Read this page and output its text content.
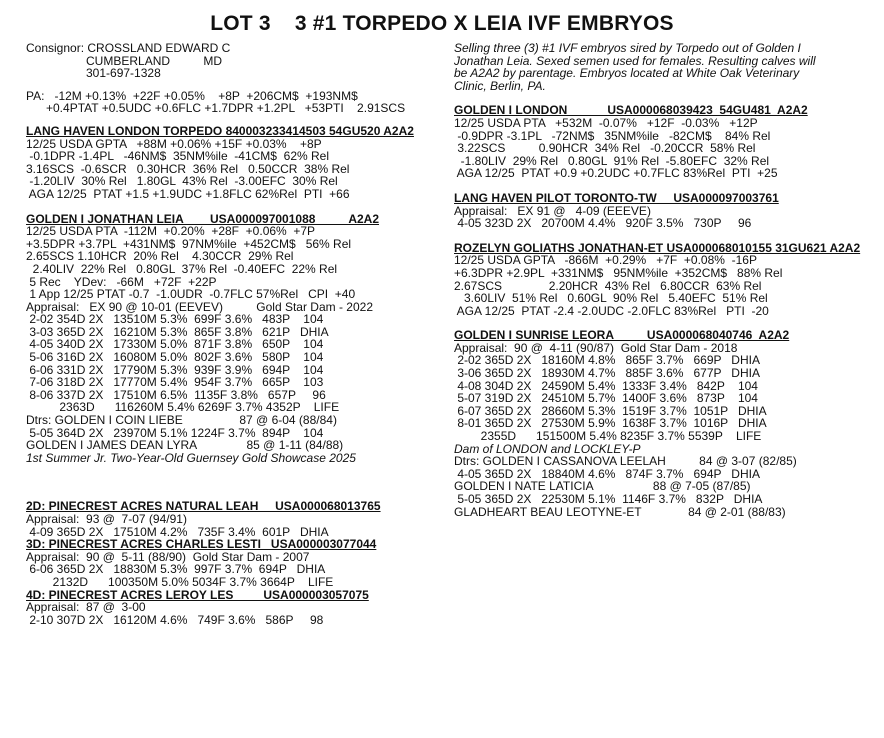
LOT 3    3 #1 TORPEDO X LEIA IVF EMBRYOS
Consignor: CROSSLAND EDWARD C
CUMBERLAND          MD
301-697-1328
PA:   -12M +0.13%  +22F +0.05%    +8P  +206CM$  +193NM$
+0.4PTAT +0.5UDC +0.6FLC +1.7DPR +1.2PL   +53PTI    2.91SCS
LANG HAVEN LONDON TORPEDO 840003233414503 54GU520 A2A2
12/25 USDA GPTA   +88M +0.06% +15F +0.03%    +8P
-0.1DPR -1.4PL   -46NM$  35NM%ile  -41CM$  62% Rel
3.16SCS  -0.6SCR   0.30HCR  36% Rel   0.50CCR  38% Rel
-1.20LIV  30% Rel   1.80GL  43% Rel  -3.00EFC  30% Rel
AGA 12/25  PTAT +1.5 +1.9UDC +1.8FLC 62%Rel  PTI  +66
GOLDEN I JONATHAN LEIA        USA000097001088          A2A2
12/25 USDA PTA  -112M  +0.20%  +28F  +0.06%  +7P
+3.5DPR +3.7PL  +431NM$  97NM%ile  +452CM$   56% Rel
2.65SCS 1.10HCR  20% Rel    4.30CCR  29% Rel
2.40LIV  22% Rel   0.80GL  37% Rel  -0.40EFC  22% Rel
5 Rec    YDev:   -66M   +72F  +22P
1 App 12/25 PTAT -0.7  -1.0UDR  -0.7FLC 57%Rel   CPI  +40
Appraisal:   EX 90 @ 10-01 (EEVEV)          Gold Star Dam - 2022
2-02 354D 2X   13510M 5.3%  699F 3.6%   483P    104
3-03 365D 2X   16210M 5.3%  865F 3.8%   621P   DHIA
4-05 340D 2X   17330M 5.0%  871F 3.8%   650P    104
5-06 316D 2X   16080M 5.0%  802F 3.6%   580P    104
6-06 331D 2X   17790M 5.3%  939F 3.9%   694P    104
7-06 318D 2X   17770M 5.4%  954F 3.7%   665P    103
8-06 337D 2X   17510M 6.5%  1135F 3.8%   657P     96
2363D      116260M 5.4% 6269F 3.7% 4352P    LIFE
Dtrs: GOLDEN I COIN LIEBE                 87 @ 6-04 (88/84)
5-05 364D 2X   23970M 5.1% 1224F 3.7%  894P    104
GOLDEN I JAMES DEAN LYRA               85 @ 1-11 (84/88)
1st Summer Jr. Two-Year-Old Guernsey Gold Showcase 2025
2D: PINECREST ACRES NATURAL LEAH     USA000068013765
Appraisal:  93 @  7-07 (94/91)
4-09 365D 2X   17510M 4.2%   735F 3.4%  601P   DHIA
3D: PINECREST ACRES CHARLES LESTI   USA000003077044
Appraisal:  90 @  5-11 (88/90)  Gold Star Dam - 2007
6-06 365D 2X   18830M 5.3%  997F 3.7%  694P   DHIA
2132D      100350M 5.0% 5034F 3.7% 3664P    LIFE
4D: PINECREST ACRES LEROY LES         USA000003057075
Appraisal:  87 @  3-00
2-10 307D 2X   16120M 4.6%   749F 3.6%   586P     98
Selling three (3) #1 IVF embryos sired by Torpedo out of Golden I
Jonathan Leia. Sexed semen used for females. Resulting calves will
be A2A2 by parentage. Embryos located at White Oak Veterinary
Clinic, Berlin, PA.
GOLDEN I LONDON            USA000068039423  54GU481  A2A2
12/25 USDA PTA   +532M  -0.07%   +12F  -0.03%   +12P
-0.9DPR -3.1PL   -72NM$   35NM%ile   -82CM$    84% Rel
3.22SCS          0.90HCR  34% Rel   -0.20CCR  58% Rel
-1.80LIV  29% Rel   0.80GL  91% Rel  -5.80EFC  32% Rel
AGA 12/25  PTAT +0.9 +0.2UDC +0.7FLC 83%Rel  PTI  +25
LANG HAVEN PILOT TORONTO-TW     USA000097003761
Appraisal:   EX 91 @   4-09 (EEEVE)
4-05 323D 2X   20700M 4.4%   920F 3.5%   730P     96
ROZELYN GOLIATHS JONATHAN-ET USA000068010155 31GU621 A2A2
12/25 USDA GPTA   -866M  +0.29%   +7F  +0.08%  -16P
+6.3DPR +2.9PL  +331NM$   95NM%ile  +352CM$   88% Rel
2.67SCS              2.20HCR  43% Rel   6.80CCR  63% Rel
3.60LIV  51% Rel   0.60GL  90% Rel   5.40EFC  51% Rel
AGA 12/25  PTAT -2.4 -2.0UDC -2.0FLC 83%Rel   PTI  -20
GOLDEN I SUNRISE LEORA          USA000068040746  A2A2
Appraisal:  90 @  4-11 (90/87)  Gold Star Dam - 2018
2-02 365D 2X   18160M 4.8%   865F 3.7%   669P   DHIA
3-06 365D 2X   18930M 4.7%   885F 3.6%   677P   DHIA
4-08 304D 2X   24590M 5.4%  1333F 3.4%   842P    104
5-07 319D 2X   24510M 5.7%  1400F 3.6%   873P    104
6-07 365D 2X   28660M 5.3%  1519F 3.7%  1051P   DHIA
8-01 365D 2X   27530M 5.9%  1638F 3.7%  1016P   DHIA
2355D      151500M 5.4% 8235F 3.7% 5539P    LIFE
Dam of LONDON and LOCKLEY-P
Dtrs: GOLDEN I CASSANOVA LEELAH          84 @ 3-07 (82/85)
4-05 365D 2X   18840M 4.6%   874F 3.7%   694P   DHIA
GOLDEN I NATE LATICIA                  88 @ 7-05 (87/85)
5-05 365D 2X   22530M 5.1%  1146F 3.7%   832P   DHIA
GLADHEART BEAU LEOTYNE-ET              84 @ 2-01 (88/83)
